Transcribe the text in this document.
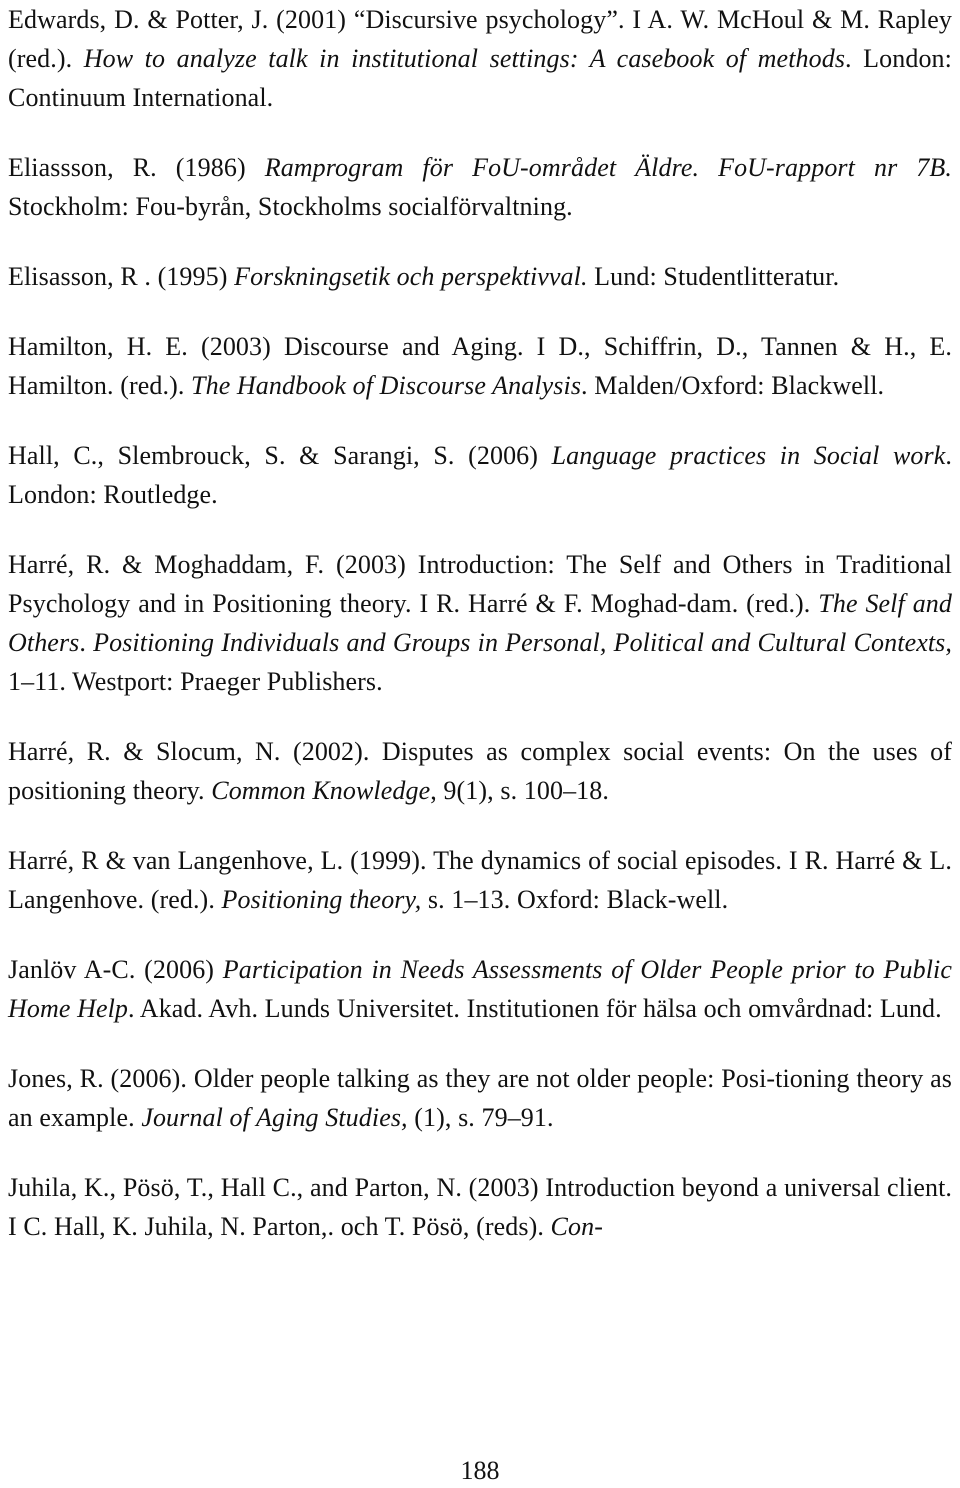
Edwards, D. & Potter, J. (2001) “Discursive psychology”. I A. W. McHoul & M. Rapley (red.). How to analyze talk in institutional settings: A casebook of methods. London: Continuum International.

Eliassson, R. (1986) Ramprogram för FoU-området Äldre. FoU-rapport nr 7B. Stockholm: Fou-byrån, Stockholms socialförvaltning.

Elisasson, R . (1995) Forskningsetik och perspektivval. Lund: Studentlitteratur.

Hamilton, H. E. (2003) Discourse and Aging. I D., Schiffrin, D., Tannen & H., E. Hamilton. (red.). The Handbook of Discourse Analysis. Malden/Oxford: Blackwell.

Hall, C., Slembrouck, S. & Sarangi, S. (2006) Language practices in Social work. London: Routledge.

Harré, R. & Moghaddam, F. (2003) Introduction: The Self and Others in Traditional Psychology and in Positioning theory. I R. Harré & F. Moghad-dam. (red.). The Self and Others. Positioning Individuals and Groups in Personal, Political and Cultural Contexts, 1–11. Westport: Praeger Publishers.

Harré, R. & Slocum, N. (2002). Disputes as complex social events: On the uses of positioning theory. Common Knowledge, 9(1), s. 100–18.

Harré, R & van Langenhove, L. (1999). The dynamics of social episodes. I R. Harré & L. Langenhove. (red.). Positioning theory, s. 1–13. Oxford: Black-well.

Janlöv A-C. (2006) Participation in Needs Assessments of Older People prior to Public Home Help. Akad. Avh. Lunds Universitet. Institutionen för hälsa och omvårdnad: Lund.

Jones, R. (2006). Older people talking as they are not older people: Posi-tioning theory as an example. Journal of Aging Studies, (1), s. 79–91.

Juhila, K., Pösö, T., Hall C., and Parton, N. (2003) Introduction beyond a universal client. I C. Hall, K. Juhila, N. Parton,. och T. Pösö, (reds). Con-

188
